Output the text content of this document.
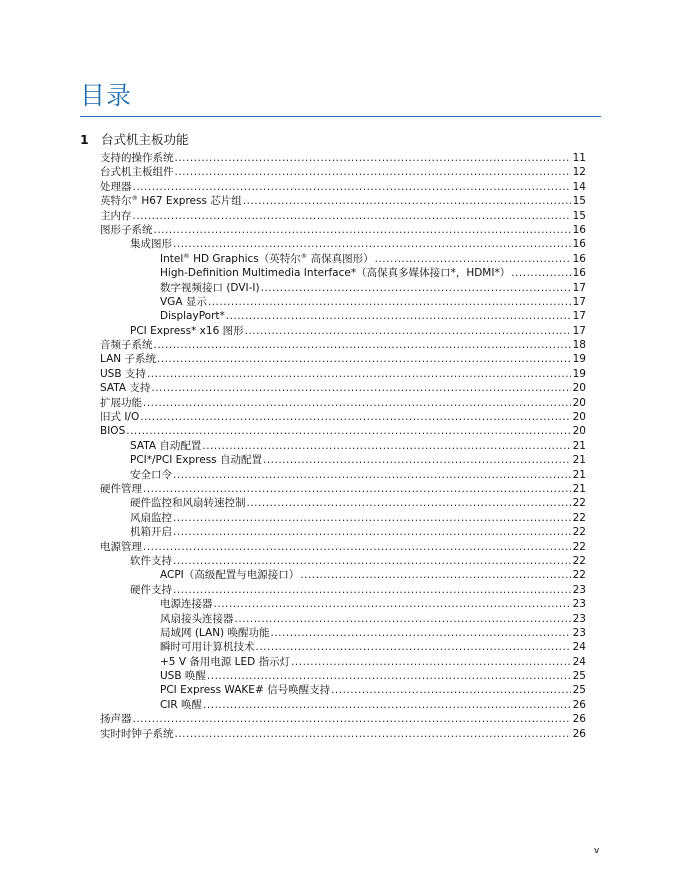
目录
1 台式机主板功能
支持的操作系统 .....	11
台式机主板组件 .....	12
处理器 .....	14
英特尔® H67 Express 芯片组 .....	15
主内存 .....	15
图形子系统 .....	16
集成图形 .....	16
Intel® HD Graphics（英特尔® 高保真图形） .....	16
High-Definition Multimedia Interface*（高保真多媒体接口*，HDMI*） .....	16
数字视频接口 (DVI-I) .....	17
VGA 显示 .....	17
DisplayPort* .....	17
PCI Express* x16 图形 .....	17
音频子系统 .....	18
LAN 子系统 .....	19
USB 支持 .....	19
SATA 支持 .....	20
扩展功能 .....	20
旧式 I/O .....	20
BIOS .....	20
SATA 自动配置 .....	21
PCI*/PCI Express 自动配置 .....	21
安全口令 .....	21
硬件管理 .....	21
硬件监控和风扇转速控制 .....	22
风扇监控 .....	22
机箱开启 .....	22
电源管理 .....	22
软件支持 .....	22
ACPI（高级配置与电源接口） .....	22
硬件支持 .....	23
电源连接器 .....	23
风扇接头连接器 .....	23
局域网 (LAN) 唤醒功能 .....	23
瞬时可用计算机技术 .....	24
+5 V 备用电源 LED 指示灯 .....	24
USB 唤醒 .....	25
PCI Express WAKE# 信号唤醒支持 .....	25
CIR 唤醒 .....	26
扬声器 .....	26
实时时钟子系统 .....	26
v
